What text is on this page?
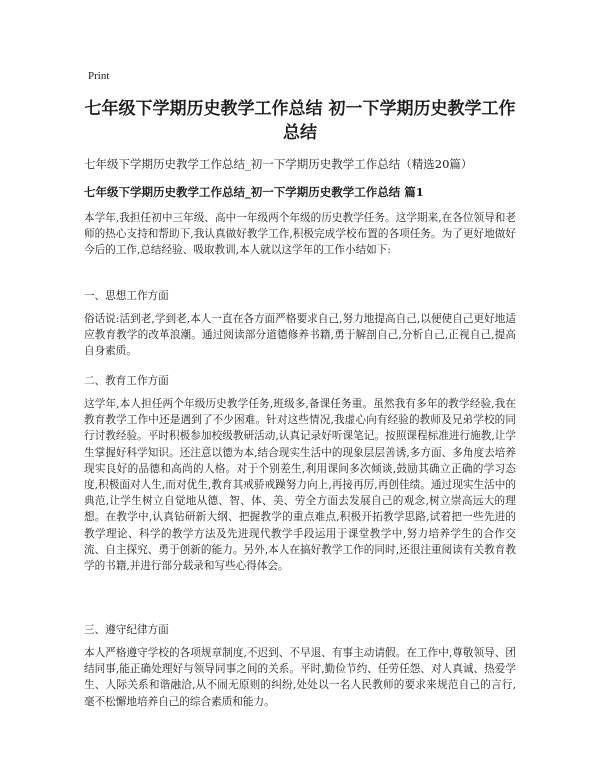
Print
七年级下学期历史教学工作总结 初一下学期历史教学工作总结
七年级下学期历史教学工作总结_初一下学期历史教学工作总结（精选20篇）
七年级下学期历史教学工作总结_初一下学期历史教学工作总结 篇1

本学年,我担任初中三年级、高中一年级两个年级的历史教学任务。这学期来,在各位领导和老师的热心支持和帮助下,我认真做好教学工作,积极完成学校布置的各项任务。为了更好地做好今后的工作,总结经验、吸取教训,本人就以这学年的工作小结如下:

一、思想工作方面

俗话说:活到老,学到老,本人一直在各方面严格要求自己,努力地提高自己,以便使自己更好地适应教育教学的改革浪潮。通过阅读部分道德修养书籍,勇于解剖自己,分析自己,正视自己,提高自身素质。

二、教育工作方面

这学年,本人担任两个年级历史教学任务,班级多,备课任务重。虽然我有多年的教学经验,我在教育教学工作中还是遇到了不少困难。针对这些情况,我虚心向有经验的教师及兄弟学校的同行讨教经验。平时积极参加校级教研活动,认真记录好听课笔记。按照课程标准进行施教,让学生掌握好科学知识。还注意以德为本,结合现实生活中的现象层层善诱,多方面、多角度去培养现实良好的品德和高尚的人格。对于个别差生,利用课间多次倾谈,鼓励其确立正确的学习态度,积极面对人生,而对优生,教育其戒骄戒躁努力向上,再接再厉,再创佳绩。通过现实生活中的典范,让学生树立自觉地从德、智、体、美、劳全方面去发展自己的观念,树立崇高远大的理想。在教学中,认真钻研新大纲、把握教学的重点难点,积极开拓教学思路,试着把一些先进的教学理论、科学的教学方法及先进现代教学手段运用于课堂教学中,努力培养学生的合作交流、自主探究、勇于创新的能力。另外,本人在搞好教学工作的同时,还很注重阅读有关教育教学的书籍,并进行部分载录和写些心得体会。

三、遵守纪律方面

本人严格遵守学校的各项规章制度,不迟到、不早退、有事主动请假。在工作中,尊敬领导、团结同事,能正确处理好与领导同事之间的关系。平时,勤俭节约、任劳任怨、对人真诚、热爱学生、人际关系和谐融洽,从不闹无原则的纠纷,处处以一名人民教师的要求来规范自己的言行,毫不松懈地培养自己的综合素质和能力。
